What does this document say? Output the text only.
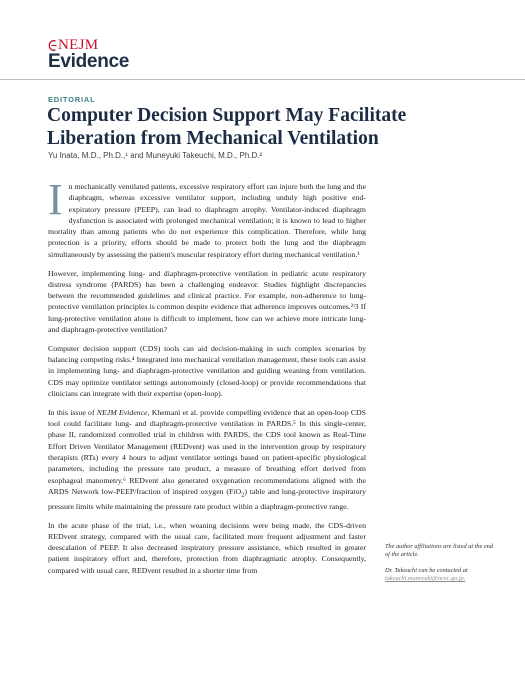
NEJM
Evidence
EDITORIAL
Computer Decision Support May Facilitate Liberation from Mechanical Ventilation
Yu Inata, M.D., Ph.D.,¹ and Muneyuki Takeuchi, M.D., Ph.D.²

In mechanically ventilated patients, excessive respiratory effort can injure both the lung and the diaphragm, whereas excessive ventilator support, including unduly high positive end-expiratory pressure (PEEP), can lead to diaphragm atrophy. Ventilator-induced diaphragm dysfunction is associated with prolonged mechanical ventilation; it is known to lead to higher mortality than among patients who do not experience this complication. Therefore, while lung protection is a priority, efforts should be made to protect both the lung and the diaphragm simultaneously by assessing the patient's muscular respiratory effort during mechanical ventilation.¹

However, implementing lung- and diaphragm-protective ventilation in pediatric acute respiratory distress syndrome (PARDS) has been a challenging endeavor. Studies highlight discrepancies between the recommended guidelines and clinical practice. For example, non-adherence to lung-protective ventilation principles is common despite evidence that adherence improves outcomes.²ʴ3 If lung-protective ventilation alone is difficult to implement, how can we achieve more intricate lung- and diaphragm-protective ventilation?

Computer decision support (CDS) tools can aid decision-making in such complex scenarios by balancing competing risks.⁴ Integrated into mechanical ventilation management, these tools can assist in implementing lung- and diaphragm-protective ventilation and guiding weaning from ventilation. CDS may optimize ventilator settings autonomously (closed-loop) or provide recommendations that clinicians can integrate with their expertise (open-loop).

In this issue of NEJM Evidence, Khemani et al. provide compelling evidence that an open-loop CDS tool could facilitate lung- and diaphragm-protective ventilation in PARDS.⁵ In this single-center, phase II, randomized controlled trial in children with PARDS, the CDS tool known as Real-Time Effort Driven Ventilator Management (REDvent) was used in the intervention group by respiratory therapists (RTs) every 4 hours to adjust ventilator settings based on patient-specific physiological parameters, including the pressure rate product, a measure of breathing effort derived from esophageal manometry.⁶ REDvent also generated oxygenation recommendations aligned with the ARDS Network low-PEEP/fraction of inspired oxygen (FiO$_2$) table and lung-protective inspiratory pressure limits while maintaining the pressure rate product within a diaphragm-protective range.

In the acute phase of the trial, i.e., when weaning decisions were being made, the CDS-driven REDvent strategy, compared with the usual care, facilitated more frequent adjustment and faster deescalation of PEEP. It also decreased inspiratory pressure assistance, which resulted in greater patient inspiratory effort and, therefore, protection from diaphragmatic atrophy. Consequently, compared with usual care, REDvent resulted in a shorter time from

The author affiliations are listed at the end of the article.

Dr. Takeuchi can be contacted at takeuchi.muneyuki@ncvc.go.jp.
